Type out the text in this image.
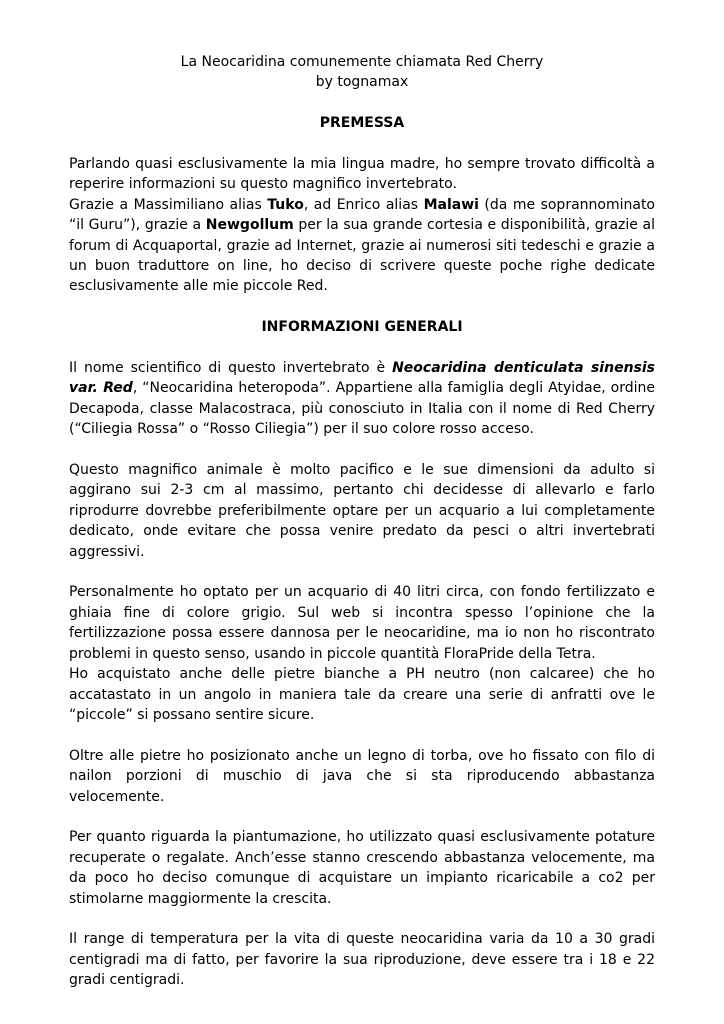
La Neocaridina comunemente chiamata Red Cherry

by tognamax

PREMESSA

Parlando quasi esclusivamente la mia lingua madre, ho sempre trovato difficoltà a reperire informazioni su questo magnifico invertebrato.

Grazie a Massimiliano alias Tuko, ad Enrico alias Malawi (da me soprannominato “il Guru”), grazie a Newgollum per la sua grande cortesia e disponibilità, grazie al forum di Acquaportal, grazie ad Internet, grazie ai numerosi siti tedeschi e grazie a un buon traduttore on line, ho deciso di scrivere queste poche righe dedicate esclusivamente alle mie piccole Red.

INFORMAZIONI GENERALI

Il nome scientifico di questo invertebrato è Neocaridina denticulata sinensis var. Red, “Neocaridina heteropoda”. Appartiene alla famiglia degli Atyidae, ordine Decapoda, classe Malacostraca, più conosciuto in Italia con il nome di Red Cherry (“Ciliegia Rossa” o “Rosso Ciliegia”) per il suo colore rosso acceso.

Questo magnifico animale è molto pacifico e le sue dimensioni da adulto si aggirano sui 2-3 cm al massimo, pertanto chi decidesse di allevarlo e farlo riprodurre dovrebbe preferibilmente optare per un acquario a lui completamente dedicato, onde evitare che possa venire predato da pesci o altri invertebrati aggressivi.

Personalmente ho optato per un acquario di 40 litri circa, con fondo fertilizzato e ghiaia fine di colore grigio. Sul web si incontra spesso l’opinione che la fertilizzazione possa essere dannosa per le neocaridine, ma io non ho riscontrato problemi in questo senso, usando in piccole quantità FloraPride della Tetra.

Ho acquistato anche delle pietre bianche a PH neutro (non calcaree) che ho accatastato in un angolo in maniera tale da creare una serie di anfratti ove le “piccole” si possano sentire sicure.

Oltre alle pietre ho posizionato anche un legno di torba, ove ho fissato con filo di nailon porzioni di muschio di java che si sta riproducendo abbastanza velocemente.

Per quanto riguarda la piantumazione, ho utilizzato quasi esclusivamente potature recuperate o regalate. Anch’esse stanno crescendo abbastanza velocemente, ma da poco ho deciso comunque di acquistare un impianto ricaricabile a co2 per stimolarne maggiormente la crescita.

Il range di temperatura per la vita di queste neocaridina varia da 10 a 30 gradi centigradi ma di fatto, per favorire la sua riproduzione, deve essere tra i 18 e 22 gradi centigradi.
